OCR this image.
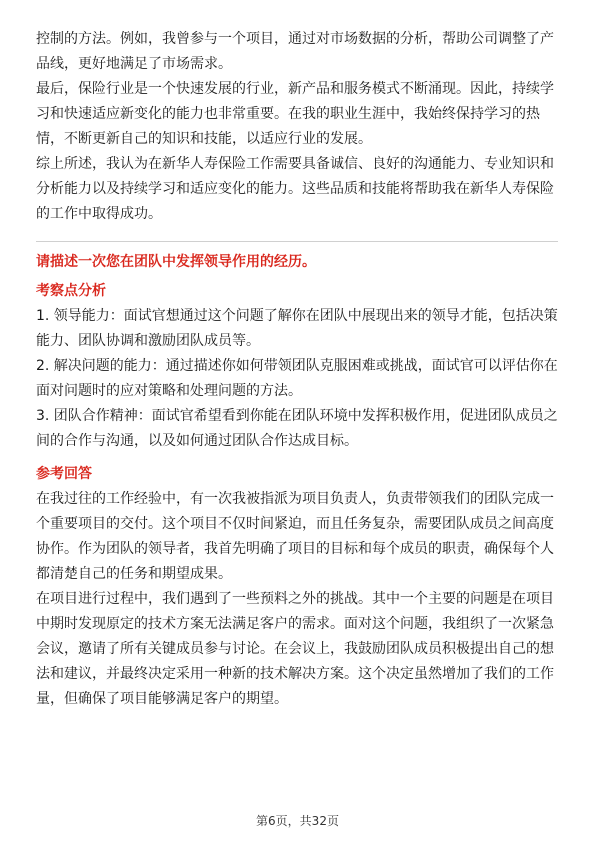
控制的方法。例如，我曾参与一个项目，通过对市场数据的分析，帮助公司调整了产品线，更好地满足了市场需求。

最后，保险行业是一个快速发展的行业，新产品和服务模式不断涌现。因此，持续学习和快速适应新变化的能力也非常重要。在我的职业生涯中，我始终保持学习的热情，不断更新自己的知识和技能，以适应行业的发展。

综上所述，我认为在新华人寿保险工作需要具备诚信、良好的沟通能力、专业知识和分析能力以及持续学习和适应变化的能力。这些品质和技能将帮助我在新华人寿保险的工作中取得成功。

请描述一次您在团队中发挥领导作用的经历。

考察点分析

1. 领导能力：面试官想通过这个问题了解你在团队中展现出来的领导才能，包括决策能力、团队协调和激励团队成员等。

2. 解决问题的能力：通过描述你如何带领团队克服困难或挑战，面试官可以评估你在面对问题时的应对策略和处理问题的方法。

3. 团队合作精神：面试官希望看到你能在团队环境中发挥积极作用，促进团队成员之间的合作与沟通，以及如何通过团队合作达成目标。

参考回答

在我过往的工作经验中，有一次我被指派为项目负责人，负责带领我们的团队完成一个重要项目的交付。这个项目不仅时间紧迫，而且任务复杂，需要团队成员之间高度协作。作为团队的领导者，我首先明确了项目的目标和每个成员的职责，确保每个人都清楚自己的任务和期望成果。

在项目进行过程中，我们遇到了一些预料之外的挑战。其中一个主要的问题是在项目中期时发现原定的技术方案无法满足客户的需求。面对这个问题，我组织了一次紧急会议，邀请了所有关键成员参与讨论。在会议上，我鼓励团队成员积极提出自己的想法和建议，并最终决定采用一种新的技术解决方案。这个决定虽然增加了我们的工作量，但确保了项目能够满足客户的期望。

第6页，共32页
